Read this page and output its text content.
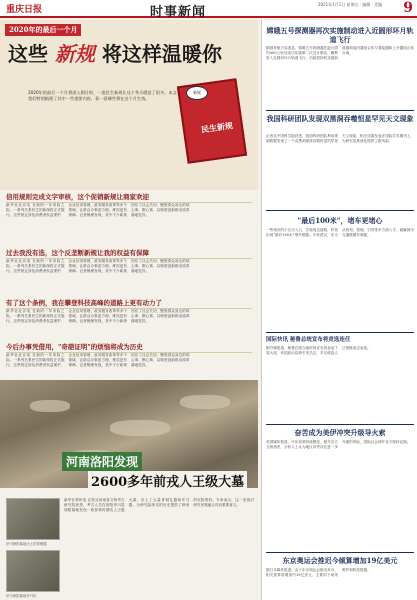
重庆日报	时事新闻
2021年1月1日 星期五 · 编辑 · 美编	9
2020年的最后一个月
这些 新规 将这样温暖你
2020年的最后一个月将进入倒计时，一批民生新规让这个冬天暖意了很多。本文我们特别梳理了其中一些重要内容，看一看哪些将在这个月生效。
民生新规
新规
信用规则完成文字审核，这个促销新规让商家欢迎
新华社北京电 在新的一年来临之际，一系列关系民生的新规将正式施行。这些规定涉及消费者权益保护、企业信用管理、政务服务改革等多个领域，让群众办事更方便，维权更有保障。记者梳理发现，其中不少新规回应了社会关切，聚焦群众身边的烦心事、揪心事，以制度创新推动改革落地见效。
过去我没有选，这个反垄断新规让我的权益有保障
新华社北京电 在新的一年来临之际，一系列关系民生的新规将正式施行。这些规定涉及消费者权益保护、企业信用管理、政务服务改革等多个领域，让群众办事更方便，维权更有保障。记者梳理发现，其中不少新规回应了社会关切，聚焦群众身边的烦心事、揪心事，以制度创新推动改革落地见效。
有了这个条例，我在攀登科技高峰的道路上更有动力了
新华社北京电 在新的一年来临之际，一系列关系民生的新规将正式施行。这些规定涉及消费者权益保护、企业信用管理、政务服务改革等多个领域，让群众办事更方便，维权更有保障。记者梳理发现，其中不少新规回应了社会关切，聚焦群众身边的烦心事、揪心事，以制度创新推动改革落地见效。
今后办事凭借用，"奇葩证明"的烦恼将成为历史
新华社北京电 在新的一年来临之际，一系列关系民生的新规将正式施行。这些规定涉及消费者权益保护、企业信用管理、政务服务改革等多个领域，让群众办事更方便，维权更有保障。记者梳理发现，其中不少新规回应了社会关切，聚焦群众身边的烦心事、揪心事，以制度创新推动改革落地见效。
河南洛阳发现
2600多年前戎人王级大墓
伊川徐阳墓地出土的青铜器
伊川徐阳墓地车马坑
新华社郑州电 记者从河南省文物考古研究院获悉，考古人员在洛阳伊川县徐阳墓地发现一座春秋时期戎人王级大墓，出土了大量青铜礼器和车马器，为研究陆浑戎的历史提供了珍贵的实物资料。专家表示，这一发现对研究民族融合具有重要意义。
嫦娥五号探测器再次实施制动进入近圆形环月轨道飞行
据国家航天局消息，嫦娥五号探测器在距月面约400公里处成功实施第二次近月制动，顺利进入近圆形环月轨道飞行。后续将择机实施轨道器和返回器组合体与着陆器和上升器组合体分离。
我国科研团队发现双黑洞吞噬恒星罕见天文现象
记者从中国科学院获悉，我国科研团队利用观测数据发现了一个双黑洞系统吞噬恒星的罕见天文现象，相关成果发表在国际学术期刊上，为研究星系演化提供了新线索。
"最后100米"，堵车更堵心
一些城市的小区出入口、学校周边道路，时常出现"最后100米"堵车难题。专家建议，应当从规划、管理、引导等多方面入手，破解城市交通微循环难题。
国际快讯 秘鲁总统宣布将竞选连任
据外媒报道，秘鲁总统当地时间宣布将参加下届大选，该国政坛局势引发关注，多名候选人已相继表态参选。
奋苦成为美伊冲突升级导火索
美国媒体报道，中东局势持续紧张，相关各方互相指责，分析人士认为地区冲突存在进一步升级的风险，国际社会呼吁各方保持克制。
东京奥运会推迟今倾算增加19亿美元
据日本媒体报道，由于东京奥运会推迟举办，相关预算将增加约19亿美元，主要用于场馆维护和防疫措施。
